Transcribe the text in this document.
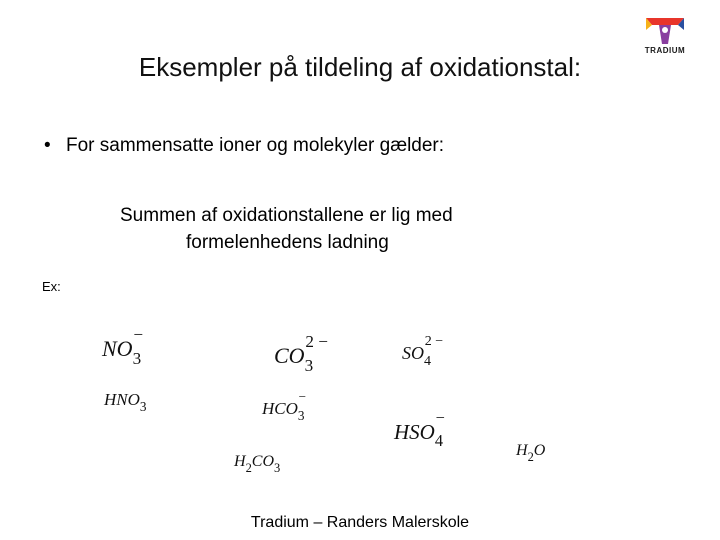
TRADIUM
Eksempler på tildeling af oxidationstal:
• For sammensatte ioner og molekyler gælder:
Summen af oxidationstallene er lig med
formelenhedens ladning
Ex:
$NO_3$
−
$CO_3$
2 −
$SO_4$
2 −
$HNO_3$	$HCO_3$
−
$HSO_4$
−
$H_2CO_3$
$H_2O$
Tradium – Randers Malerskole
